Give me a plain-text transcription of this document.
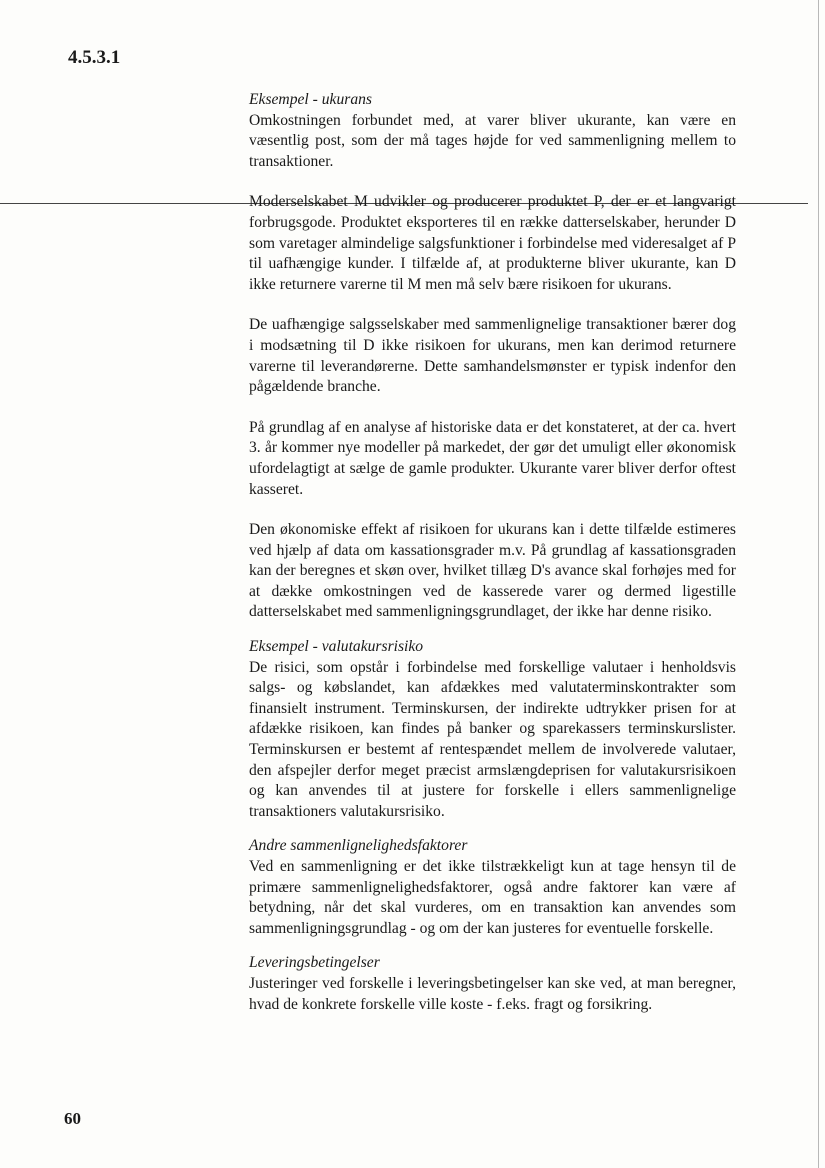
4.5.3.1

Eksempel - ukurans

Omkostningen forbundet med, at varer bliver ukurante, kan være en væsentlig post, som der må tages højde for ved sammenligning mellem to transaktioner.

Moderselskabet M udvikler og producerer produktet P, der er et langvarigt forbrugsgode. Produktet eksporteres til en række datterselskaber, herunder D som varetager almindelige salgsfunktioner i forbindelse med videresalget af P til uafhængige kunder. I tilfælde af, at produkterne bliver ukurante, kan D ikke returnere varerne til M men må selv bære risikoen for ukurans.

De uafhængige salgsselskaber med sammenlignelige transaktioner bærer dog i modsætning til D ikke risikoen for ukurans, men kan derimod returnere varerne til leverandørerne. Dette samhandelsmønster er typisk indenfor den pågældende branche.

På grundlag af en analyse af historiske data er det konstateret, at der ca. hvert 3. år kommer nye modeller på markedet, der gør det umuligt eller økonomisk ufordelagtigt at sælge de gamle produkter. Ukurante varer bliver derfor oftest kasseret.

Den økonomiske effekt af risikoen for ukurans kan i dette tilfælde estimeres ved hjælp af data om kassationsgrader m.v. På grundlag af kassationsgraden kan der beregnes et skøn over, hvilket tillæg D's avance skal forhøjes med for at dække omkostningen ved de kasserede varer og dermed ligestille datterselskabet med sammenligningsgrundlaget, der ikke har denne risiko.

Eksempel - valutakursrisiko

De risici, som opstår i forbindelse med forskellige valutaer i henholdsvis salgs- og købslandet, kan afdækkes med valutaterminskontrakter som finansielt instrument. Terminskursen, der indirekte udtrykker prisen for at afdække risikoen, kan findes på banker og sparekassers terminskurslister. Terminskursen er bestemt af rentespændet mellem de involverede valutaer, den afspejler derfor meget præcist armslængdeprisen for valutakursrisikoen og kan anvendes til at justere for forskelle i ellers sammenlignelige transaktioners valutakursrisiko.

Andre sammenlignelighedsfaktorer

Ved en sammenligning er det ikke tilstrækkeligt kun at tage hensyn til de primære sammenlignelighedsfaktorer, også andre faktorer kan være af betydning, når det skal vurderes, om en transaktion kan anvendes som sammenligningsgrundlag - og om der kan justeres for eventuelle forskelle.

Leveringsbetingelser

Justeringer ved forskelle i leveringsbetingelser kan ske ved, at man beregner, hvad de konkrete forskelle ville koste - f.eks. fragt og forsikring.

60
